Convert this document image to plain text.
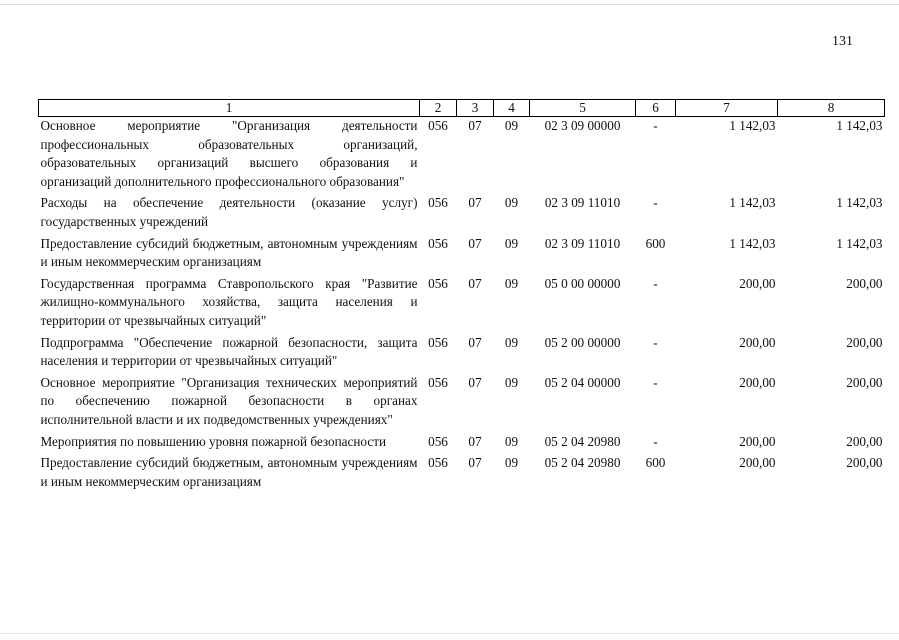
131
1	2	3	4	5	6	7	8
Основное мероприятие "Организация деятельности профессиональных образовательных организаций, образовательных организаций высшего образования и организаций дополнительного профессионального образования"	056	07	09	02 3 09 00000	-	1 142,03	1 142,03
Расходы на обеспечение деятельности (оказание услуг) государственных учреждений	056	07	09	02 3 09 11010	-	1 142,03	1 142,03
Предоставление субсидий бюджетным, автономным учреждениям и иным некоммерческим организациям	056	07	09	02 3 09 11010	600	1 142,03	1 142,03
Государственная программа Ставропольского края "Развитие жилищно-коммунального хозяйства, защита населения и территории от чрезвычайных ситуаций"	056	07	09	05 0 00 00000	-	200,00	200,00
Подпрограмма "Обеспечение пожарной безопасности, защита населения и территории от чрезвычайных ситуаций"	056	07	09	05 2 00 00000	-	200,00	200,00
Основное мероприятие "Организация технических мероприятий по обеспечению пожарной безопасности в органах исполнительной власти и их подведомственных учреждениях"	056	07	09	05 2 04 00000	-	200,00	200,00
Мероприятия по повышению уровня пожарной безопасности	056	07	09	05 2 04 20980	-	200,00	200,00
Предоставление субсидий бюджетным, автономным учреждениям и иным некоммерческим организациям	056	07	09	05 2 04 20980	600	200,00	200,00
